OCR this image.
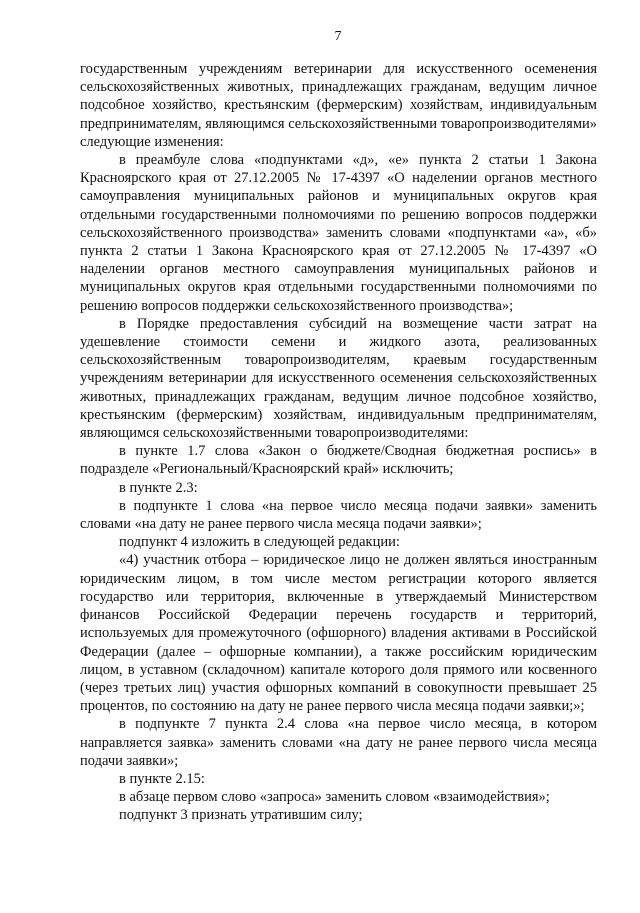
7

государственным учреждениям ветеринарии для искусственного осеменения сельскохозяйственных животных, принадлежащих гражданам, ведущим личное подсобное хозяйство, крестьянским (фермерским) хозяйствам, индивидуальным предпринимателям, являющимся сельскохозяйственными товаропроизводителями» следующие изменения:

в преамбуле слова «подпунктами «д», «е» пункта 2 статьи 1 Закона Красноярского края от 27.12.2005 № 17-4397 «О наделении органов местного самоуправления муниципальных районов и муниципальных округов края отдельными государственными полномочиями по решению вопросов поддержки сельскохозяйственного производства» заменить словами «подпунктами «а», «б» пункта 2 статьи 1 Закона Красноярского края от 27.12.2005 № 17-4397 «О наделении органов местного самоуправления муниципальных районов и муниципальных округов края отдельными государственными полномочиями по решению вопросов поддержки сельскохозяйственного производства»;

в Порядке предоставления субсидий на возмещение части затрат на удешевление стоимости семени и жидкого азота, реализованных сельскохозяйственным товаропроизводителям, краевым государственным учреждениям ветеринарии для искусственного осеменения сельскохозяйственных животных, принадлежащих гражданам, ведущим личное подсобное хозяйство, крестьянским (фермерским) хозяйствам, индивидуальным предпринимателям, являющимся сельскохозяйственными товаропроизводителями:

в пункте 1.7 слова «Закон о бюджете/Сводная бюджетная роспись» в подразделе «Региональный/Красноярский край» исключить;

в пункте 2.3:

в подпункте 1 слова «на первое число месяца подачи заявки» заменить словами «на дату не ранее первого числа месяца подачи заявки»;

подпункт 4 изложить в следующей редакции:

«4) участник отбора – юридическое лицо не должен являться иностранным юридическим лицом, в том числе местом регистрации которого является государство или территория, включенные в утверждаемый Министерством финансов Российской Федерации перечень государств и территорий, используемых для промежуточного (офшорного) владения активами в Российской Федерации (далее – офшорные компании), а также российским юридическим лицом, в уставном (складочном) капитале которого доля прямого или косвенного (через третьих лиц) участия офшорных компаний в совокупности превышает 25 процентов, по состоянию на дату не ранее первого числа месяца подачи заявки;»;

в подпункте 7 пункта 2.4 слова «на первое число месяца, в котором направляется заявка» заменить словами «на дату не ранее первого числа месяца подачи заявки»;

в пункте 2.15:

в абзаце первом слово «запроса» заменить словом «взаимодействия»;

подпункт 3 признать утратившим силу;
